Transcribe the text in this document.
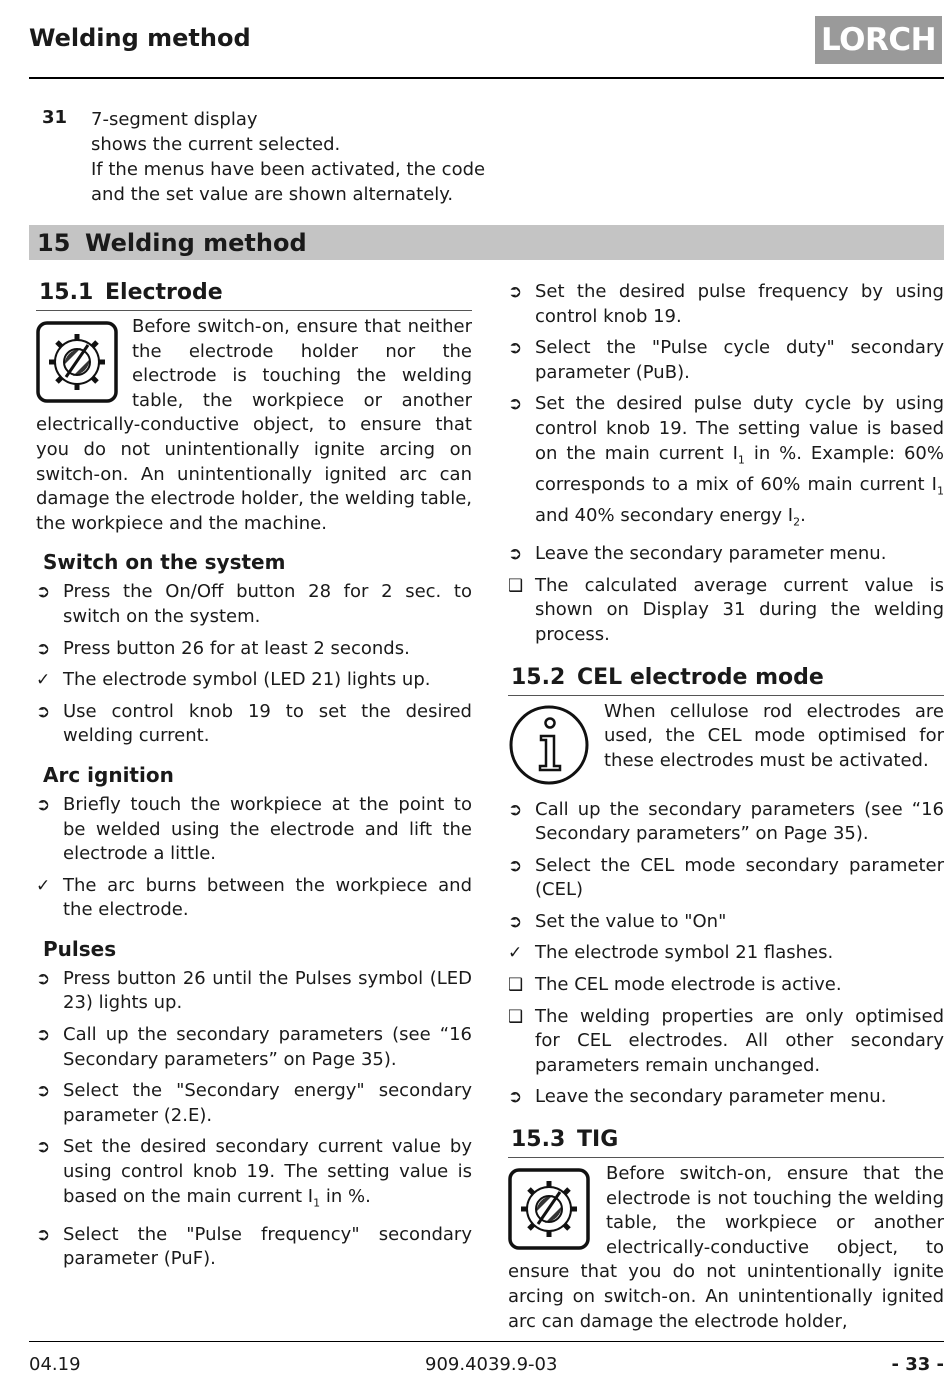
Welding method	LORCH
31 7-segment display
shows the current selected.
If the menus have been activated, the code
and the set value are shown alternately.
15 Welding method
15.1 Electrode
Before switch-on, ensure that neither the electrode holder nor the electrode is touching the welding table, the workpiece or another electrically-conductive object, to ensure that you do not unintentionally ignite arcing on switch-on. An unintentionally ignited arc can damage the electrode holder, the welding table, the workpiece and the machine.
Switch on the system
➲ Press the On/Off button 28 for 2 sec. to switch on the system.
➲ Press button 26 for at least 2 seconds.
✓ The electrode symbol (LED 21) lights up.
➲ Use control knob 19 to set the desired welding current.
Arc ignition
➲ Briefly touch the workpiece at the point to be welded using the electrode and lift the electrode a little.
✓ The arc burns between the workpiece and the electrode.
Pulses
➲ Press button 26 until the Pulses symbol (LED 23) lights up.
➲ Call up the secondary parameters (see “16 Secondary parameters” on Page 35).
➲ Select the "Secondary energy" secondary parameter (2.E).
➲ Set the desired secondary current value by using control knob 19. The setting value is based on the main current $I_1$ in %.
➲ Select the "Pulse frequency" secondary parameter (PuF).
➲ Set the desired pulse frequency by using control knob 19.
➲ Select the "Pulse cycle duty" secondary parameter (PuB).
➲ Set the desired pulse duty cycle by using control knob 19. The setting value is based on the main current $I_1$ in %. Example: 60% corresponds to a mix of 60% main current $I_1$ and 40% secondary energy $I_2$.
➲ Leave the secondary parameter menu.
❑ The calculated average current value is shown on Display 31 during the welding process.
15.2 CEL electrode mode
When cellulose rod electrodes are used, the CEL mode optimised for these electrodes must be activated.
➲ Call up the secondary parameters (see “16 Secondary parameters” on Page 35).
➲ Select the CEL mode secondary parameter (CEL)
➲ Set the value to "On"
✓ The electrode symbol 21 flashes.
❑ The CEL mode electrode is active.
❑ The welding properties are only optimised for CEL electrodes. All other secondary parameters remain unchanged.
➲ Leave the secondary parameter menu.
15.3 TIG
Before switch-on, ensure that the electrode is not touching the welding table, the workpiece or another electrically-conductive object, to ensure that you do not unintentionally ignite arcing on switch-on. An unintentionally ignited arc can damage the electrode holder,
04.19	909.4039.9-03	- 33 -
